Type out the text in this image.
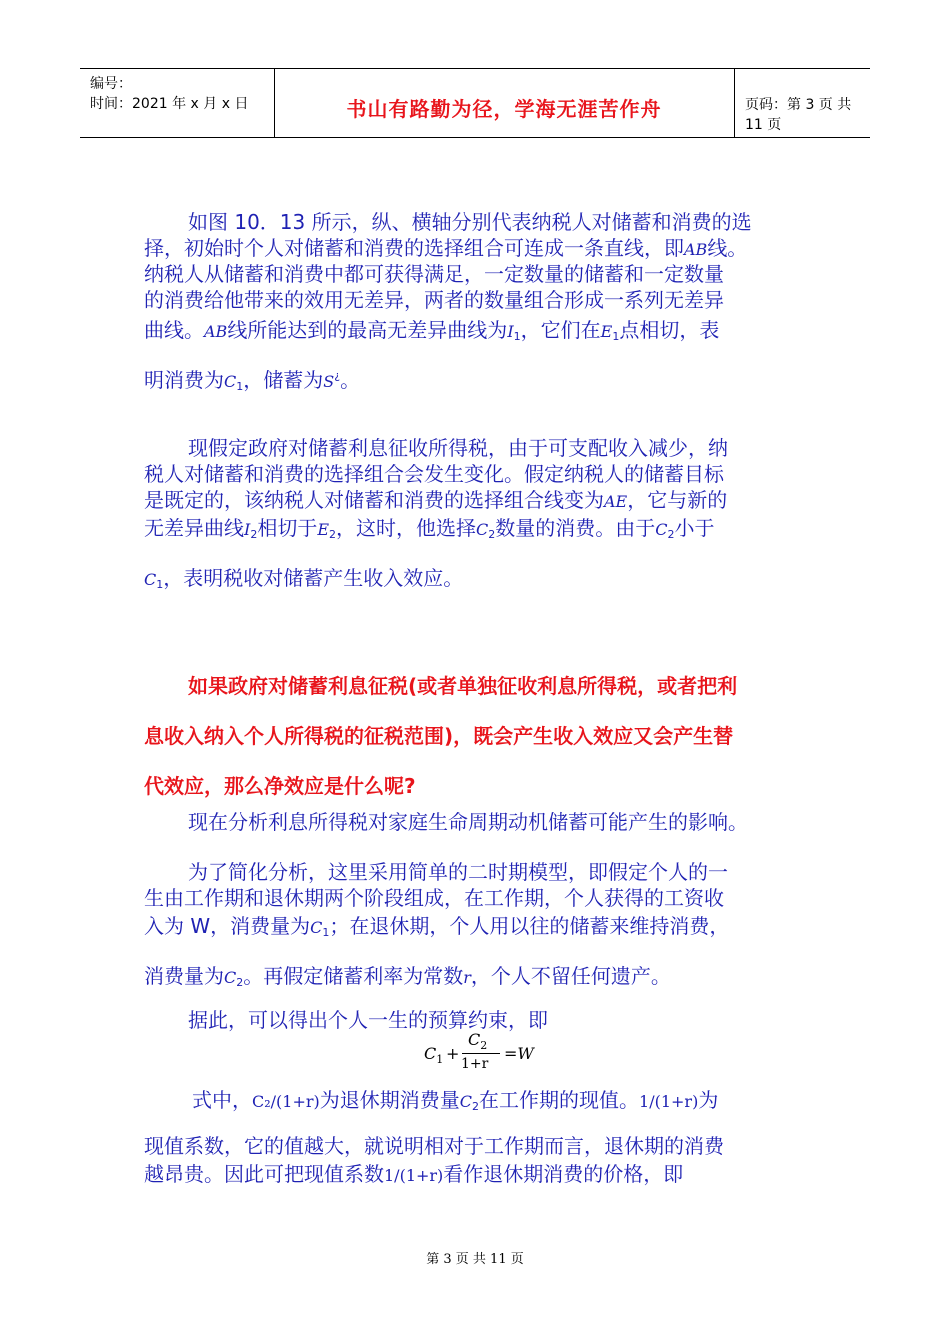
编号：
时间：2021 年 x 月 x 日	书山有路勤为径，学海无涯苦作舟	页码：第 3 页 共 11 页

如图 10．13 所示，纵、横轴分别代表纳税人对储蓄和消费的选

择，初始时个人对储蓄和消费的选择组合可连成一条直线，即AB线。

纳税人从储蓄和消费中都可获得满足，一定数量的储蓄和一定数量

的消费给他带来的效用无差异，两者的数量组合形成一系列无差异

曲线。AB线所能达到的最高无差异曲线为I1，它们在E1点相切，表

明消费为C1，储蓄为S¿。

现假定政府对储蓄利息征收所得税，由于可支配收入减少，纳

税人对储蓄和消费的选择组合会发生变化。假定纳税人的储蓄目标

是既定的，该纳税人对储蓄和消费的选择组合线变为AE，它与新的

无差异曲线I2相切于E2，这时，他选择C2数量的消费。由于C2小于

C1，表明税收对储蓄产生收入效应。

如果政府对储蓄利息征税(或者单独征收利息所得税，或者把利

息收入纳入个人所得税的征税范围)，既会产生收入效应又会产生替

代效应，那么净效应是什么呢?

现在分析利息所得税对家庭生命周期动机储蓄可能产生的影响。

为了简化分析，这里采用简单的二时期模型，即假定个人的一

生由工作期和退休期两个阶段组成，在工作期，个人获得的工资收

入为 W，消费量为C1；在退休期，个人用以往的储蓄来维持消费，

消费量为C2。再假定储蓄利率为常数r，个人不留任何遗产。

据此，可以得出个人一生的预算约束，即

$C_1$ +
$C_2$
1+r
=W

式中，C₂/(1+r)为退休期消费量C2在工作期的现值。1/(1+r)为

现值系数，它的值越大，就说明相对于工作期而言，退休期的消费

越昂贵。因此可把现值系数1/(1+r)看作退休期消费的价格，即

第 3 页 共 11 页
